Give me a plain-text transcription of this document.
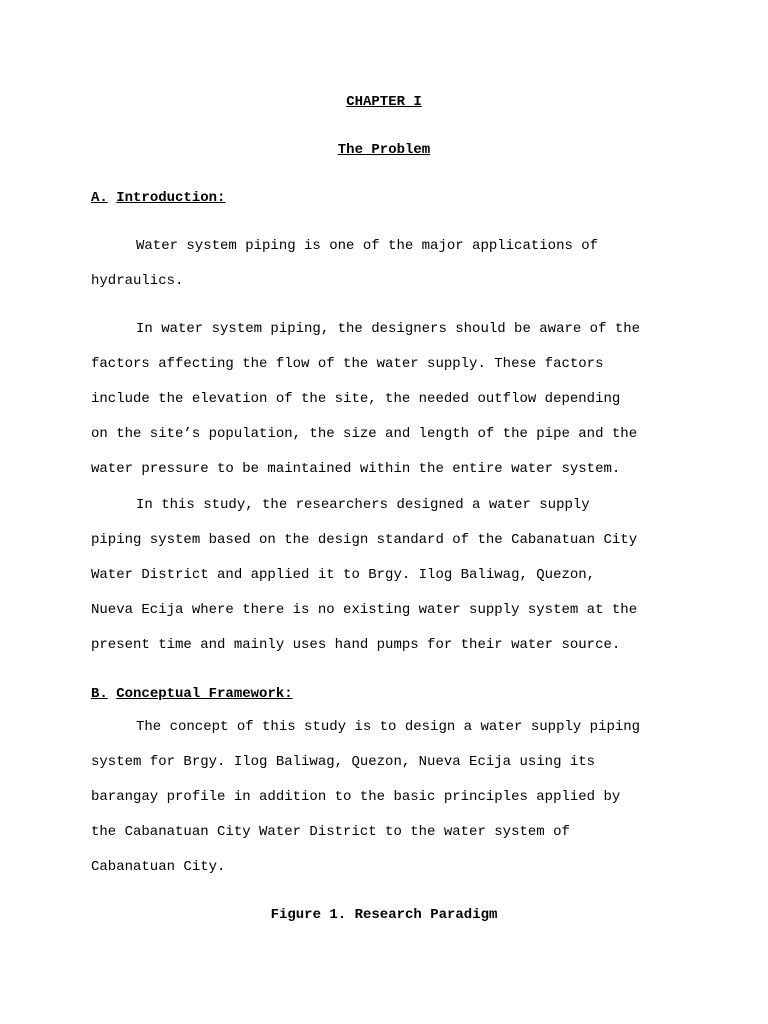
CHAPTER I
The Problem
A. Introduction:
Water system piping is one of the major applications of
hydraulics.
In water system piping, the designers should be aware of the
factors affecting the flow of the water supply. These factors
include the elevation of the site, the needed outflow depending
on the site’s population, the size and length of the pipe and the
water pressure to be maintained within the entire water system.
In this study, the researchers designed a water supply
piping system based on the design standard of the Cabanatuan City
Water District and applied it to Brgy. Ilog Baliwag, Quezon,
Nueva Ecija where there is no existing water supply system at the
present time and mainly uses hand pumps for their water source.
B. Conceptual Framework:
The concept of this study is to design a water supply piping
system for Brgy. Ilog Baliwag, Quezon, Nueva Ecija using its
barangay profile in addition to the basic principles applied by
the Cabanatuan City Water District to the water system of
Cabanatuan City.
Figure 1. Research Paradigm
